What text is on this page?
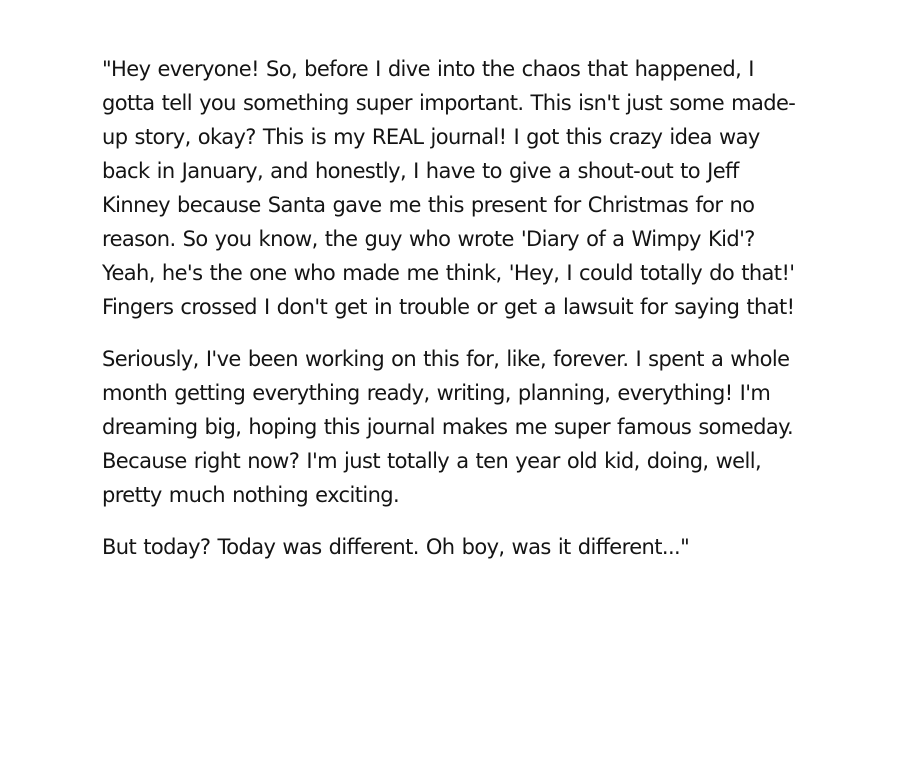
"Hey everyone! So, before I dive into the chaos that happened, I gotta tell you something super important. This isn't just some made-up story, okay? This is my REAL journal! I got this crazy idea way back in January, and honestly, I have to give a shout-out to Jeff Kinney because Santa gave me this present for Christmas for no reason. So you know, the guy who wrote 'Diary of a Wimpy Kid'? Yeah, he's the one who made me think, 'Hey, I could totally do that!' Fingers crossed I don't get in trouble or get a lawsuit for saying that!

Seriously, I've been working on this for, like, forever. I spent a whole month getting everything ready, writing, planning, everything! I'm dreaming big, hoping this journal makes me super famous someday. Because right now? I'm just totally a ten year old kid, doing, well, pretty much nothing exciting.

But today? Today was different. Oh boy, was it different..."
